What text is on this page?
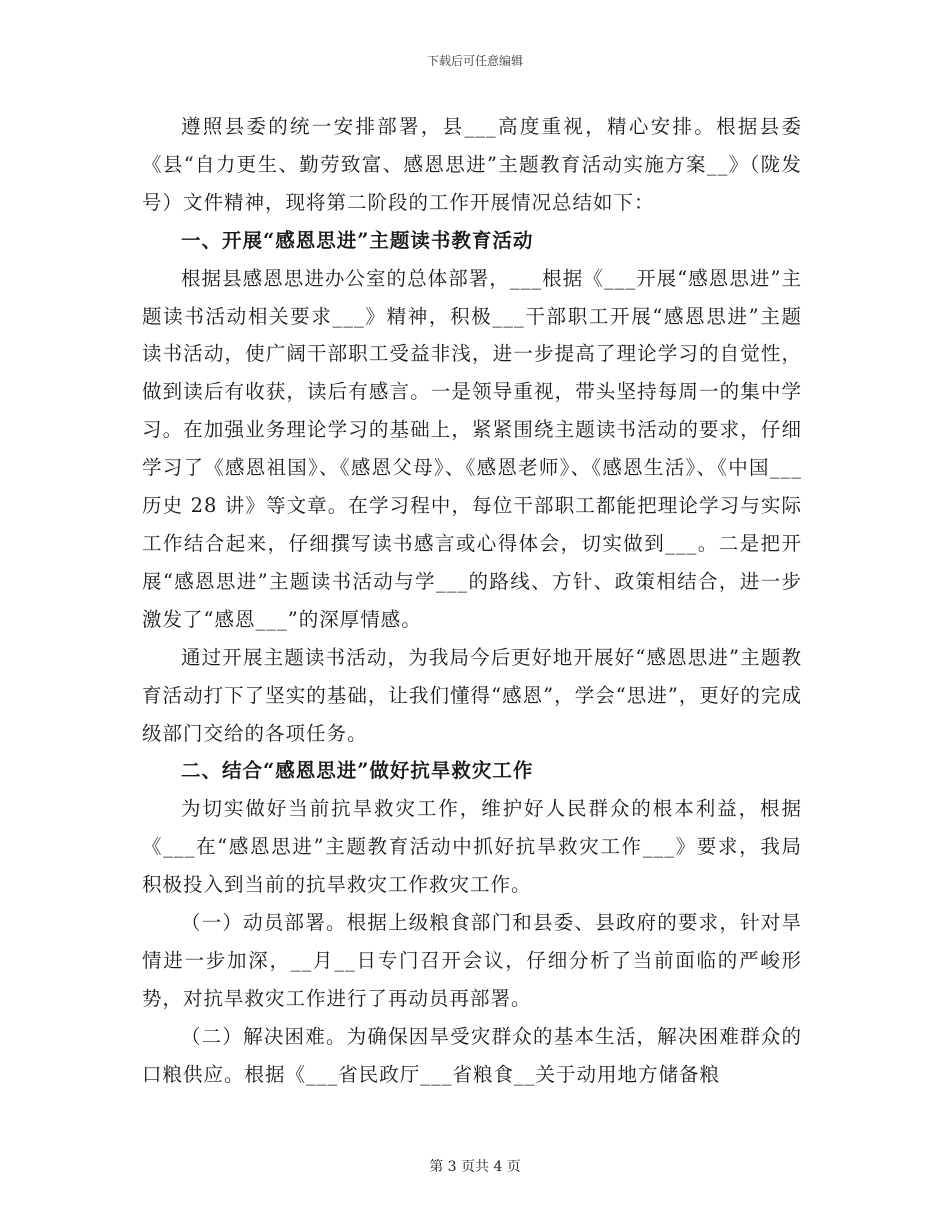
下载后可任意编辑

遵照县委的统一安排部署，县___高度重视，精心安排。根据县委《县“自力更生、勤劳致富、感恩思进”主题教育活动实施方案__》（陇发号）文件精神，现将第二阶段的工作开展情况总结如下：

一、开展“感恩思进”主题读书教育活动

根据县感恩思进办公室的总体部署，___根据《___开展“感恩思进”主题读书活动相关要求___》精神，积极___干部职工开展“感恩思进”主题读书活动，使广阔干部职工受益非浅，进一步提高了理论学习的自觉性，做到读后有收获，读后有感言。一是领导重视，带头坚持每周一的集中学习。在加强业务理论学习的基础上，紧紧围绕主题读书活动的要求，仔细学习了《感恩祖国》、《感恩父母》、《感恩老师》、《感恩生活》、《中国___历史 28 讲》等文章。在学习程中，每位干部职工都能把理论学习与实际工作结合起来，仔细撰写读书感言或心得体会，切实做到___。二是把开展“感恩思进”主题读书活动与学___的路线、方针、政策相结合，进一步激发了“感恩___”的深厚情感。

通过开展主题读书活动，为我局今后更好地开展好“感恩思进”主题教育活动打下了坚实的基础，让我们懂得“感恩”，学会“思进”，更好的完成级部门交给的各项任务。

二、结合“感恩思进”做好抗旱救灾工作

为切实做好当前抗旱救灾工作，维护好人民群众的根本利益，根据《___在“感恩思进”主题教育活动中抓好抗旱救灾工作___》要求，我局积极投入到当前的抗旱救灾工作救灾工作。

（一）动员部署。根据上级粮食部门和县委、县政府的要求，针对旱情进一步加深，__月__日专门召开会议，仔细分析了当前面临的严峻形势，对抗旱救灾工作进行了再动员再部署。

（二）解决困难。为确保因旱受灾群众的基本生活，解决困难群众的口粮供应。根据《___省民政厅___省粮食__关于动用地方储备粮

第 3 页共 4 页
